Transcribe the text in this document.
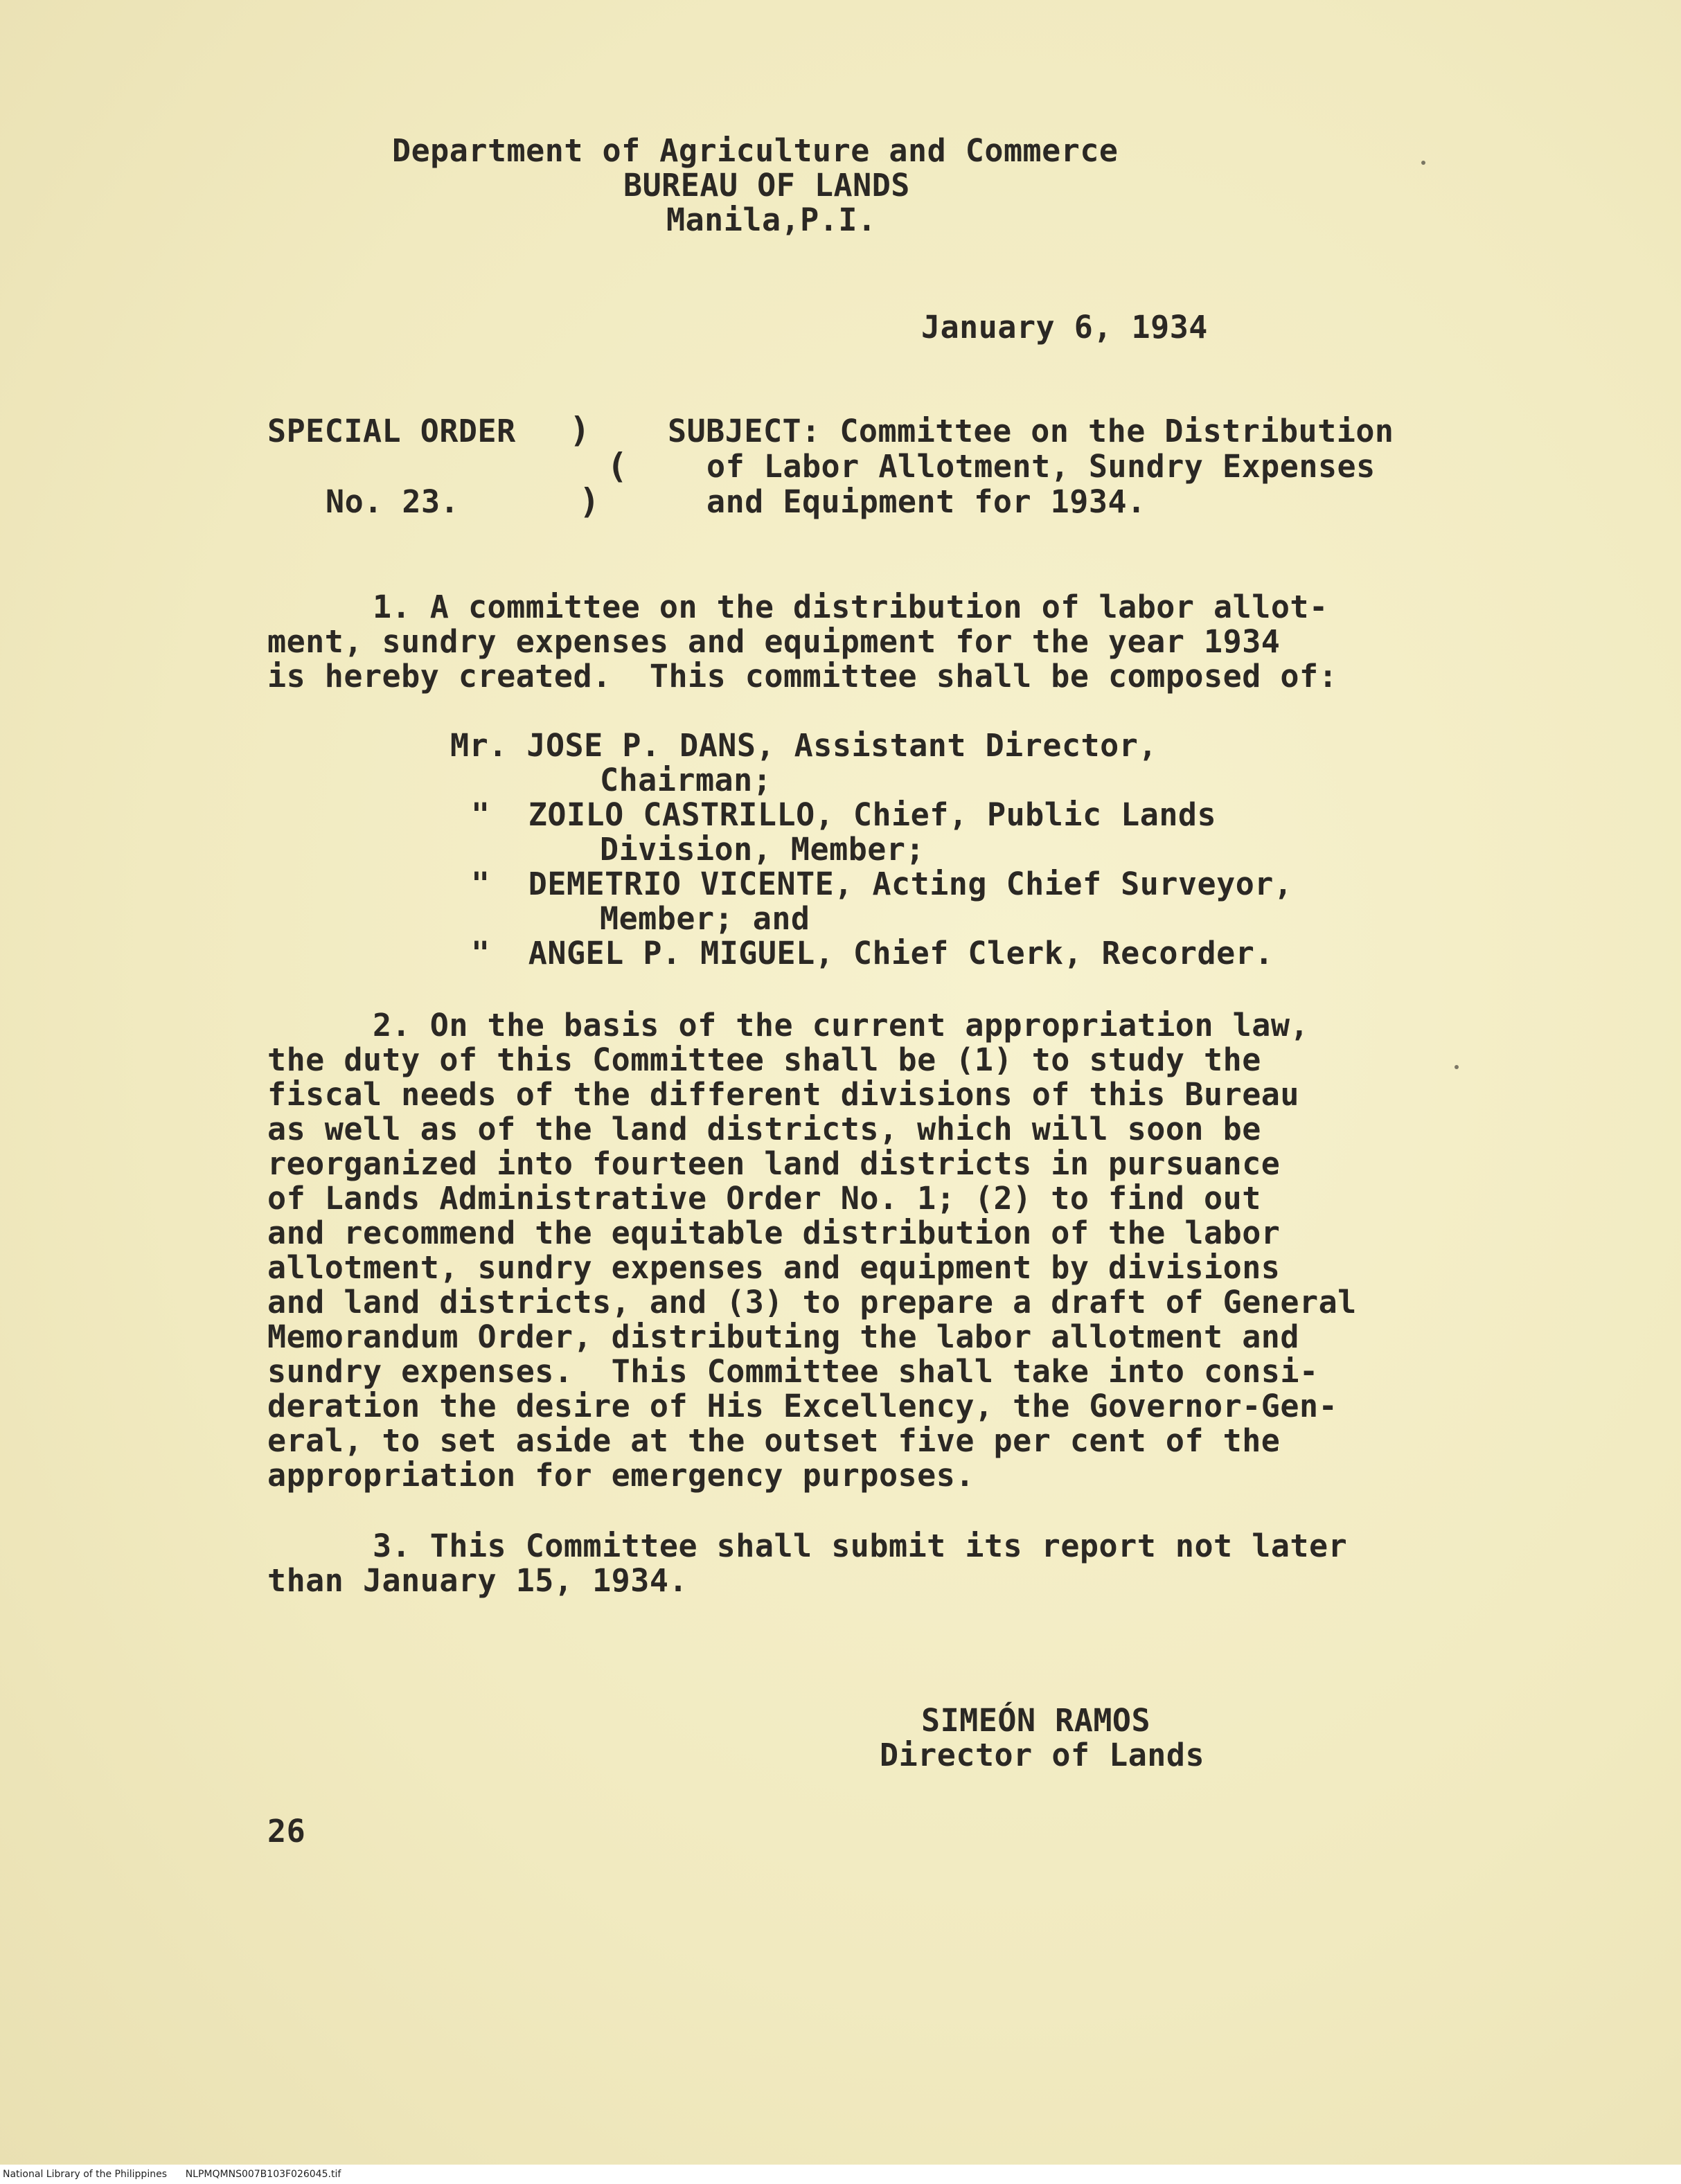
Department of Agriculture and Commerce
BUREAU OF LANDS
Manila,P.I.
January 6, 1934
SPECIAL ORDER
No. 23.
)
(
)
SUBJECT: Committee on the Distribution
of Labor Allotment, Sundry Expenses
and Equipment for 1934.
1. A committee on the distribution of labor allot-
ment, sundry expenses and equipment for the year 1934
is hereby created.  This committee shall be composed of:
Mr. JOSE P. DANS, Assistant Director,
Chairman;
"  ZOILO CASTRILLO, Chief, Public Lands
Division, Member;
"  DEMETRIO VICENTE, Acting Chief Surveyor,
Member; and
"  ANGEL P. MIGUEL, Chief Clerk, Recorder.
2. On the basis of the current appropriation law,
the duty of this Committee shall be (1) to study the
fiscal needs of the different divisions of this Bureau
as well as of the land districts, which will soon be
reorganized into fourteen land districts in pursuance
of Lands Administrative Order No. 1; (2) to find out
and recommend the equitable distribution of the labor
allotment, sundry expenses and equipment by divisions
and land districts, and (3) to prepare a draft of General
Memorandum Order, distributing the labor allotment and
sundry expenses.  This Committee shall take into consi-
deration the desire of His Excellency, the Governor-Gen-
eral, to set aside at the outset five per cent of the
appropriation for emergency purposes.
3. This Committee shall submit its report not later
than January 15, 1934.
SIMEÓN RAMOS
Director of Lands
26
National Library of the Philippines NLPMQMNS007B103F026045.tif
